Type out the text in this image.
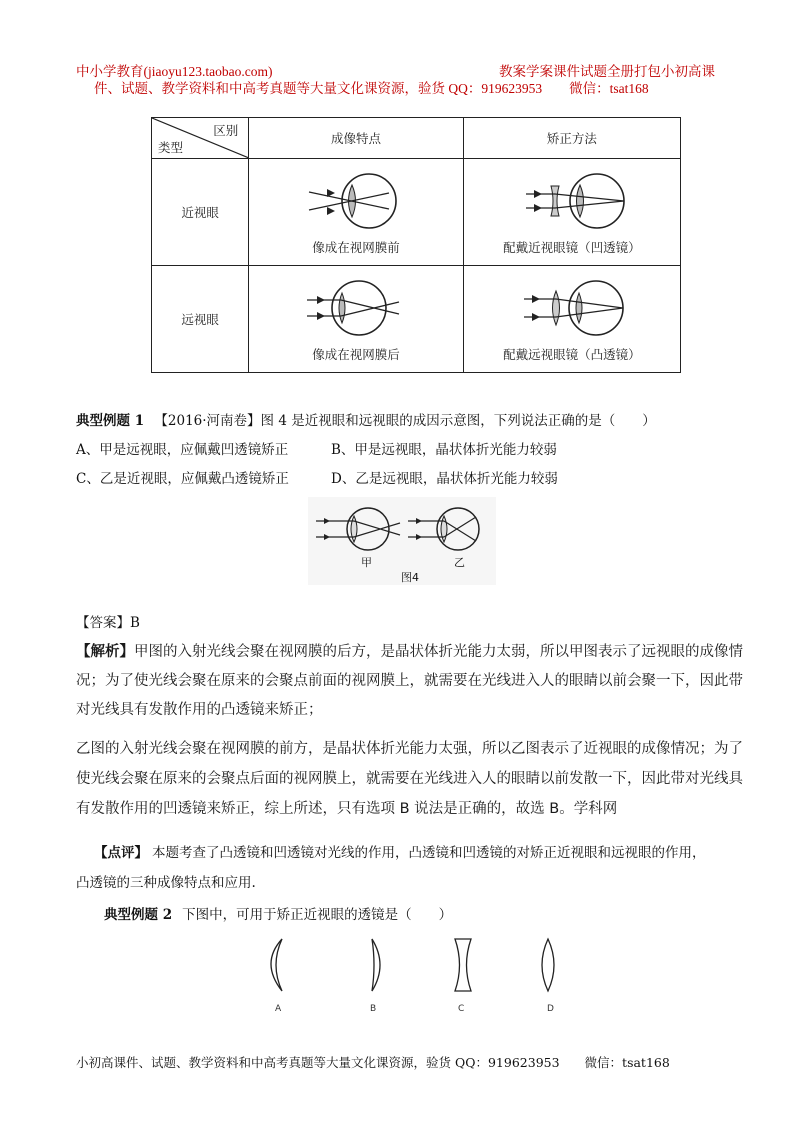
中小学教育(jiaoyu123.taobao.com)	教案学案课件试题全册打包小初高课
件、试题、教学资料和中高考真题等大量文化课资源，验货 QQ：919623953　　微信：tsat168
区别
类型	成像特点	矫正方法
近视眼	像成在视网膜前	配戴近视眼镜（凹透镜）

远视眼	像成在视网膜后	配戴远视眼镜（凸透镜）
典型例题 1 【2016·河南卷】图 4 是近视眼和远视眼的成因示意图，下列说法正确的是（　　）
A、甲是远视眼，应佩戴凹透镜矫正	B、甲是远视眼，晶状体折光能力较弱
C、乙是近视眼，应佩戴凸透镜矫正	D、乙是远视眼，晶状体折光能力较弱
甲	乙
图4
【答案】B
【解析】甲图的入射光线会聚在视网膜的后方，是晶状体折光能力太弱，所以甲图表示了远视眼的成像情
况；为了使光线会聚在原来的会聚点前面的视网膜上，就需要在光线进入人的眼睛以前会聚一下，因此带
对光线具有发散作用的凸透镜来矫正；
乙图的入射光线会聚在视网膜的前方，是晶状体折光能力太强，所以乙图表示了近视眼的成像情况；为了
使光线会聚在原来的会聚点后面的视网膜上，就需要在光线进入人的眼睛以前发散一下，因此带对光线具
有发散作用的凹透镜来矫正，综上所述，只有选项 B 说法是正确的，故选 B。学科网
【点评】 本题考查了凸透镜和凹透镜对光线的作用，凸透镜和凹透镜的对矫正近视眼和远视眼的作用，
凸透镜的三种成像特点和应用.
典型例题 2 下图中，可用于矫正近视眼的透镜是（　　）
A	B	C	D
小初高课件、试题、教学资料和中高考真题等大量文化课资源，验货 QQ：919623953　　微信：tsat168
